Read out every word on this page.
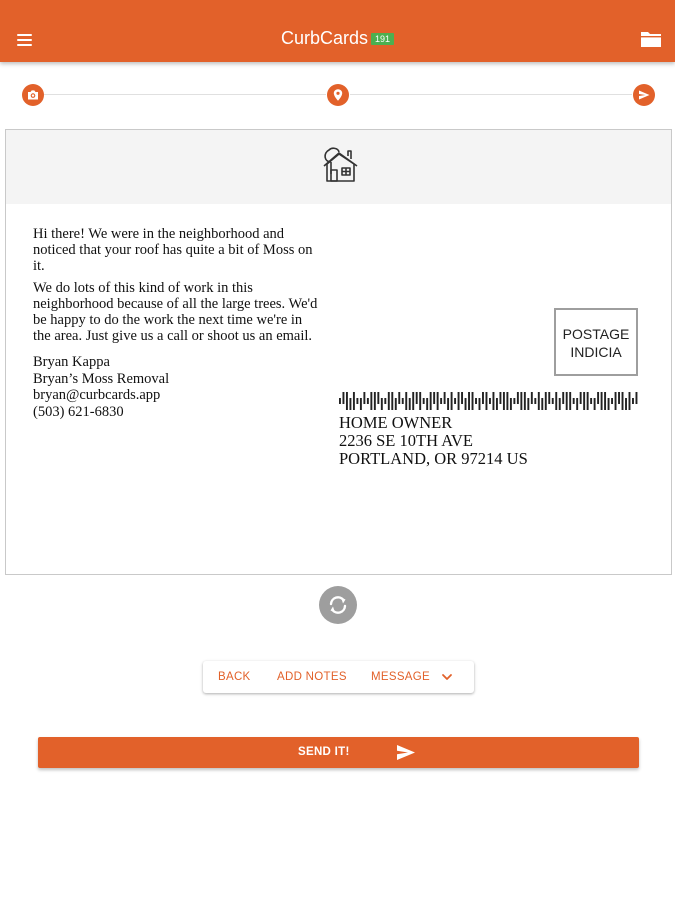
CurbCards 191

Hi there! We were in the neighborhood and noticed that your roof has quite a bit of Moss on it.

We do lots of this kind of work in this neighborhood because of all the large trees. We'd be happy to do the work the next time we're in the area. Just give us a call or shoot us an email.

Bryan Kappa
Bryan’s Moss Removal
bryan@curbcards.app
(503) 621-6830
POSTAGE
INDICIA
HOME OWNER
2236 SE 10TH AVE
PORTLAND, OR 97214 US
BACK ADD NOTES MESSAGE
SEND IT!
